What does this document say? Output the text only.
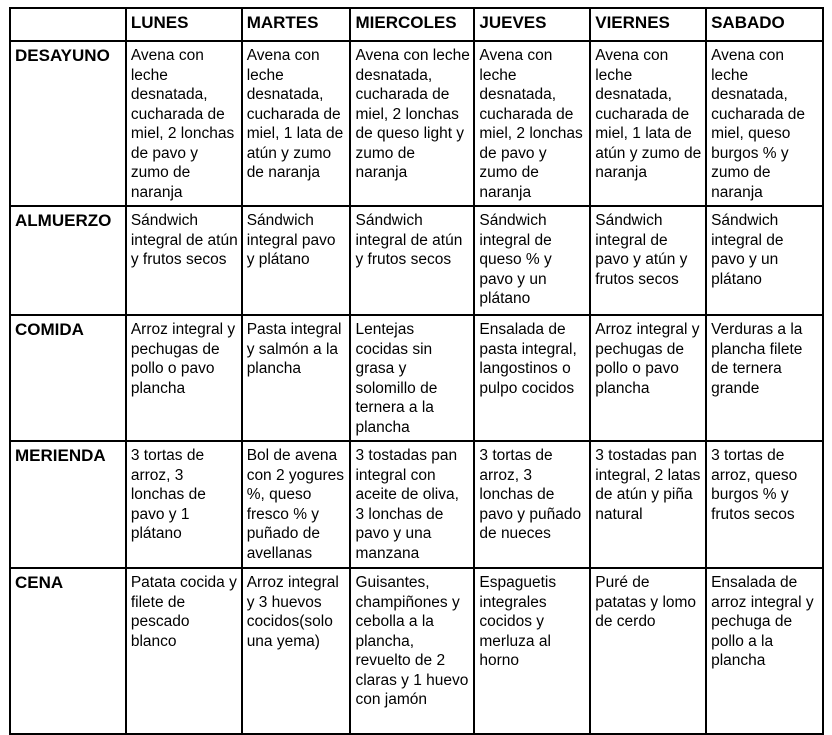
	LUNES	MARTES	MIERCOLES	JUEVES	VIERNES	SABADO
DESAYUNO	Avena con leche desnatada, cucharada de miel, 2 lonchas de pavo y zumo de naranja	Avena con leche desnatada, cucharada de miel, 1 lata de atún y zumo de naranja	Avena con leche desnatada, cucharada de miel, 2 lonchas de queso light y zumo de naranja	Avena con leche desnatada, cucharada de miel, 2 lonchas de pavo y zumo de naranja	Avena con leche desnatada, cucharada de miel, 1 lata de atún y zumo de naranja	Avena con leche desnatada, cucharada de miel, queso burgos % y zumo de naranja
ALMUERZO	Sándwich integral de atún y frutos secos	Sándwich integral pavo y plátano	Sándwich integral de atún y frutos secos	Sándwich integral de queso % y pavo y un plátano	Sándwich integral de pavo y atún y frutos secos	Sándwich integral de pavo y un plátano
COMIDA	Arroz integral y pechugas de pollo o pavo plancha	Pasta integral y salmón a la plancha	Lentejas cocidas sin grasa y solomillo de ternera a la plancha	Ensalada de pasta integral, langostinos o pulpo cocidos	Arroz integral y pechugas de pollo o pavo plancha	Verduras a la plancha filete de ternera grande
MERIENDA	3 tortas de arroz, 3 lonchas de pavo y 1 plátano	Bol de avena con 2 yogures %, queso fresco % y puñado de avellanas	3 tostadas pan integral con aceite de oliva, 3 lonchas de pavo y una manzana	3 tortas de arroz, 3 lonchas de pavo y puñado de nueces	3 tostadas pan integral, 2 latas de atún y piña natural	3 tortas de arroz, queso burgos % y frutos secos
CENA	Patata cocida y filete de pescado blanco	Arroz integral y 3 huevos cocidos(solo una yema)	Guisantes, champiñones y cebolla a la plancha, revuelto de 2 claras y 1 huevo con jamón	Espaguetis integrales cocidos y merluza al horno	Puré de patatas y lomo de cerdo	Ensalada de arroz integral y pechuga de pollo a la plancha
